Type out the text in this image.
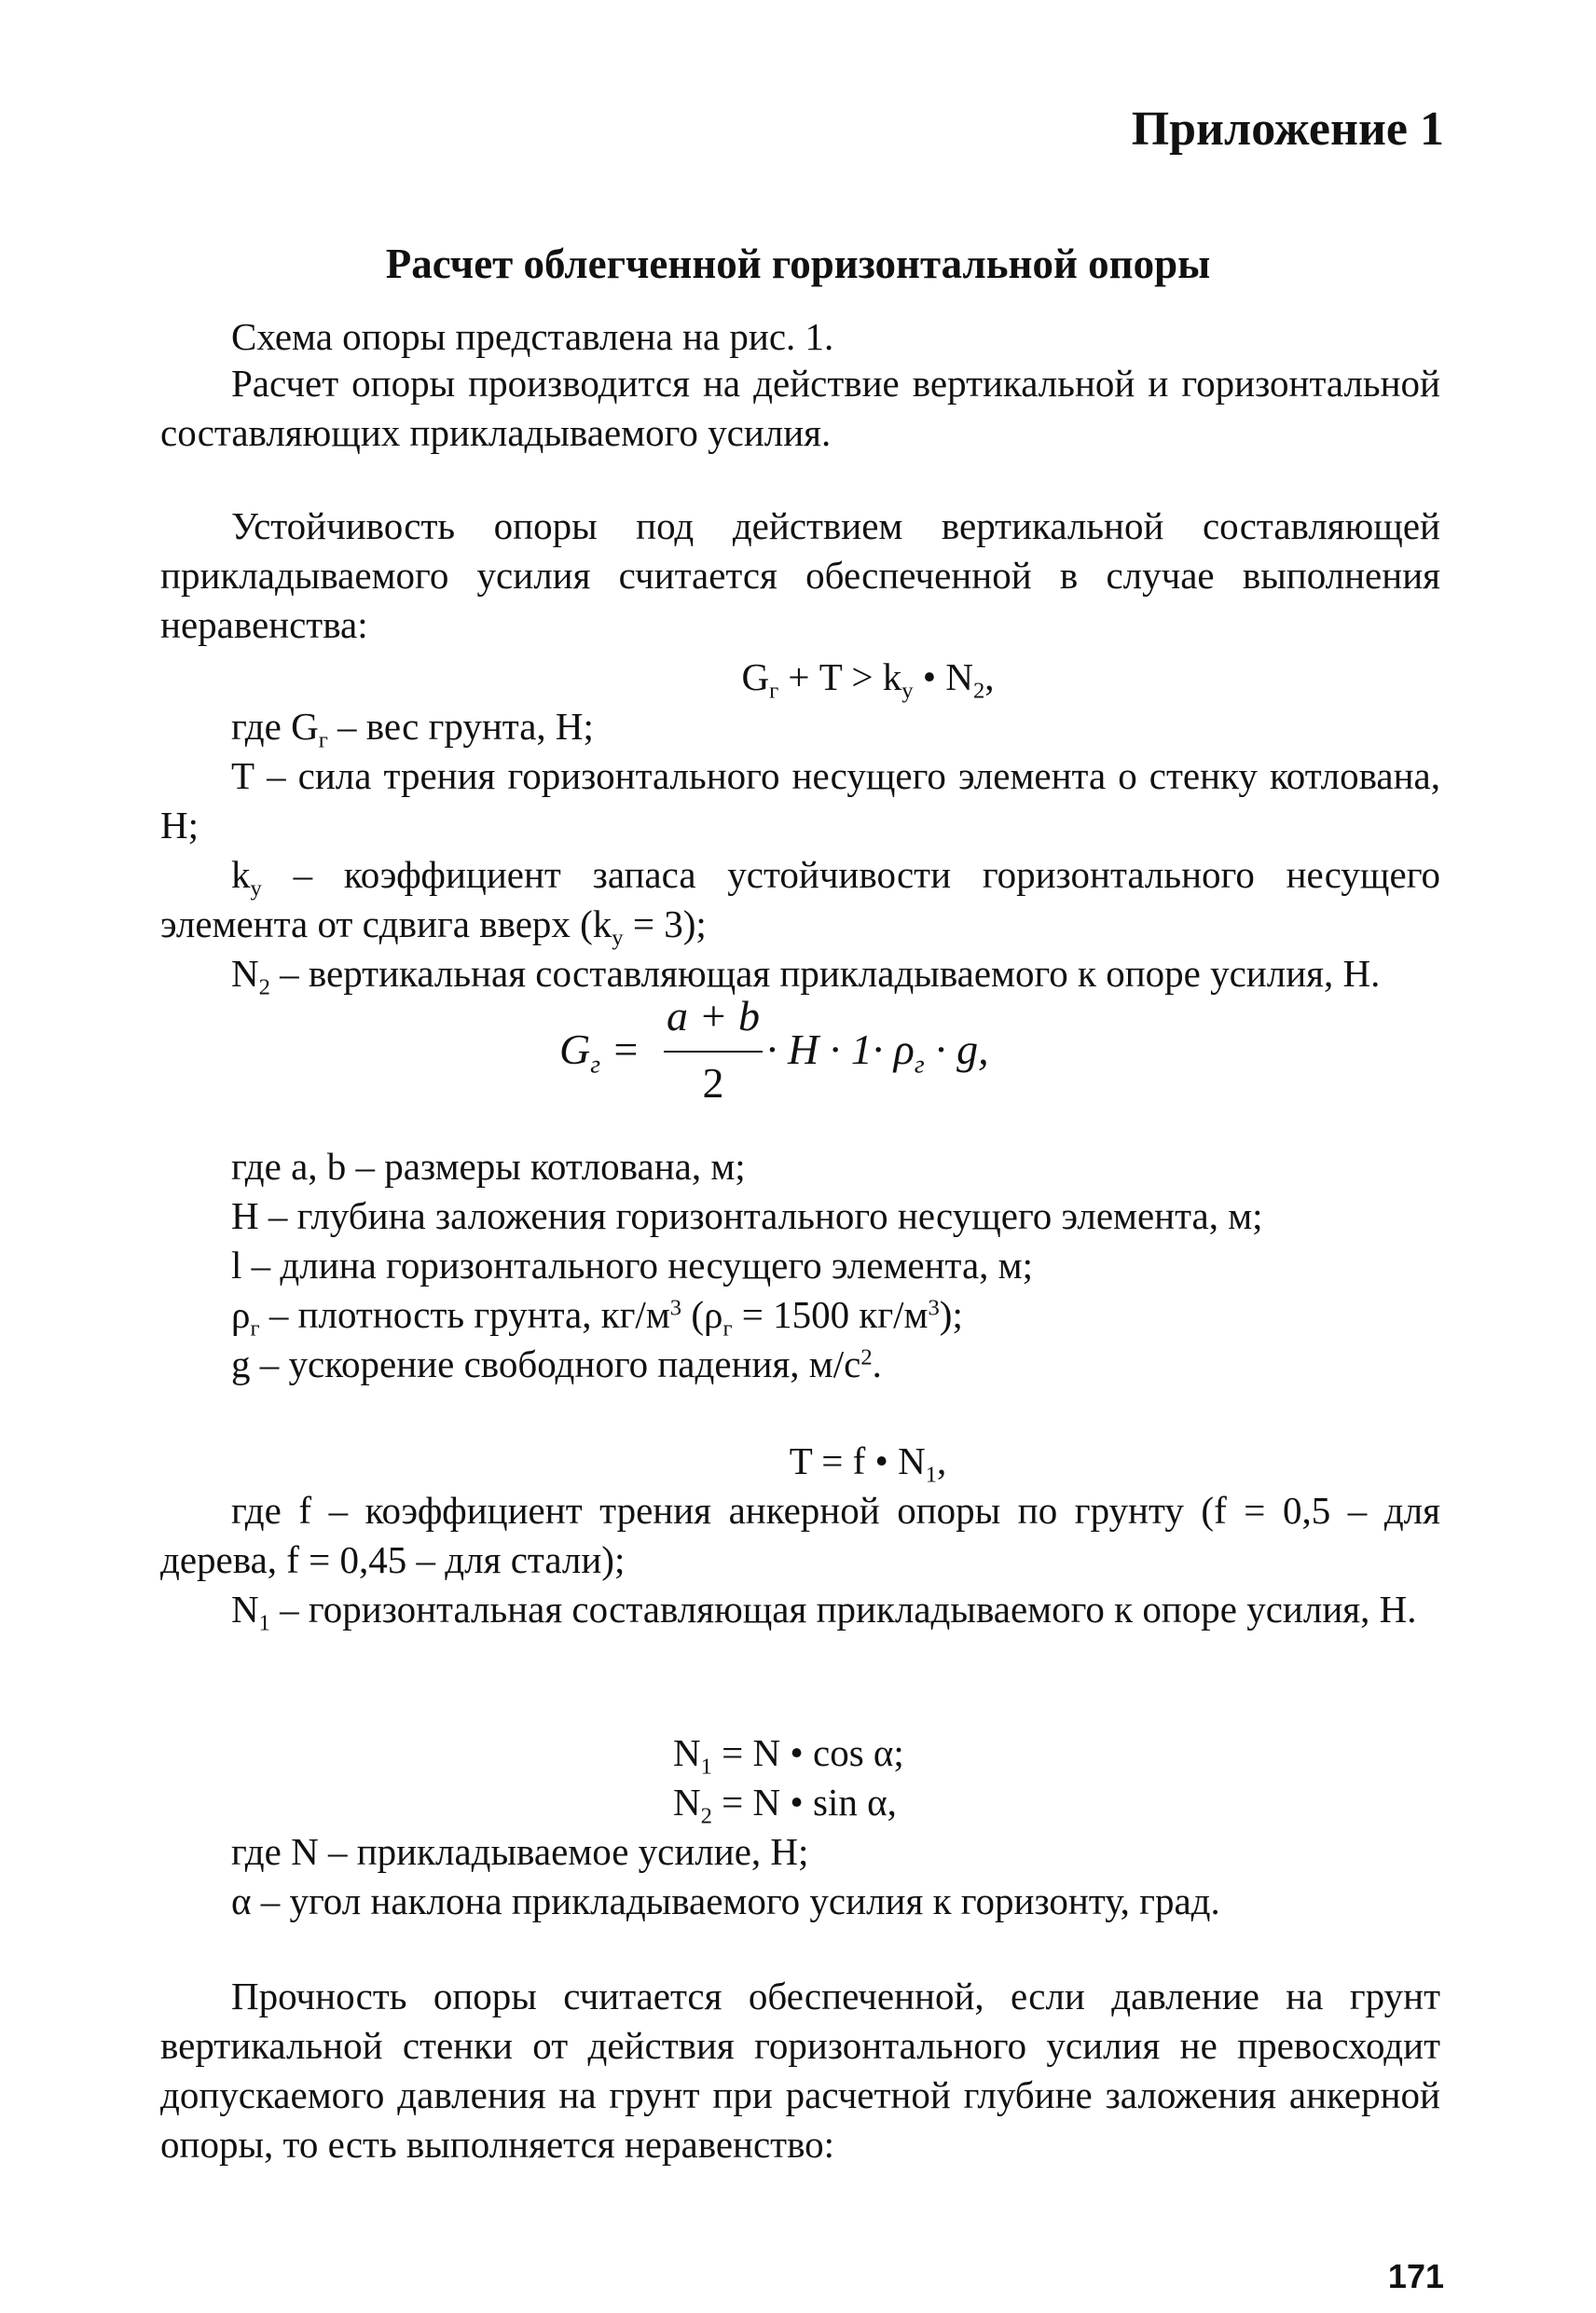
Приложение 1
Расчет облегченной горизонтальной опоры
Схема опоры представлена на рис. 1.
Расчет опоры производится на действие вертикальной и горизонтальной составляющих прикладываемого усилия.
Устойчивость опоры под действием вертикальной составляющей прикладываемого усилия считается обеспеченной в случае выполнения неравенства:
$G_г + T > k_у$ • $N_2$,
где $G_г$ – вес грунта, Н;
Т – сила трения горизонтального несущего элемента о стенку котлована, Н;
$k_у$ – коэффициент запаса устойчивости горизонтального несущего элемента от сдвига вверх $(k_у = 3)$;
$N_2$ – вертикальная составляющая прикладываемого к опоре усилия, Н.
$G_г$ =
a + b
2
· $H \cdot 1\cdot \rho_г \cdot g$,
где a, b – размеры котлована, м;
H – глубина заложения горизонтального несущего элемента, м;
l – длина горизонтального несущего элемента, м;
$\rho_г$ – плотность грунта, $кг/м^3$ ($\rho_г = 1500$ $кг/м^3$);
g – ускорение свободного падения, $м/с^2$.
T = f • $N_1$,
где f – коэффициент трения анкерной опоры по грунту (f = 0,5 – для дерева, f = 0,45 – для стали);
$N_1$ – горизонтальная составляющая прикладываемого к опоре усилия, Н.
$N_1 = N$ • cos α;
$N_2 = N$ • sin α,
где N – прикладываемое усилие, Н;
α – угол наклона прикладываемого усилия к горизонту, град.
Прочность опоры считается обеспеченной, если давление на грунт вертикальной стенки от действия горизонтального усилия не превосходит допускаемого давления на грунт при расчетной глубине заложения анкерной опоры, то есть выполняется неравенство:
171
